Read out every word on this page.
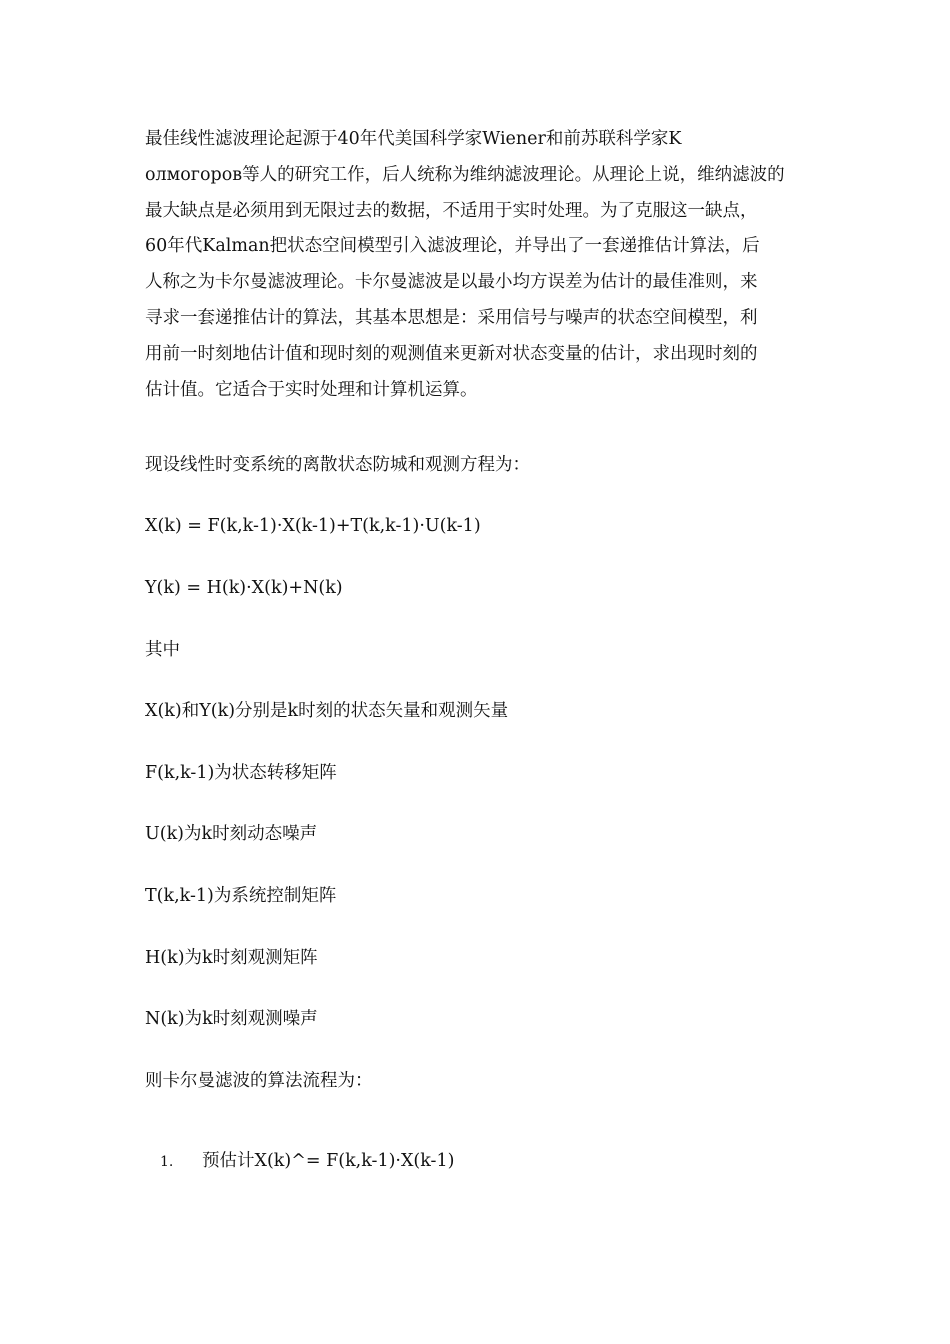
最佳线性滤波理论起源于40年代美国科学家Wiener和前苏联科学家K
олмогоров等人的研究工作，后人统称为维纳滤波理论。从理论上说，维纳滤波的
最大缺点是必须用到无限过去的数据，不适用于实时处理。为了克服这一缺点，
60年代Kalman把状态空间模型引入滤波理论，并导出了一套递推估计算法，后
人称之为卡尔曼滤波理论。卡尔曼滤波是以最小均方误差为估计的最佳准则，来
寻求一套递推估计的算法，其基本思想是：采用信号与噪声的状态空间模型，利
用前一时刻地估计值和现时刻的观测值来更新对状态变量的估计，求出现时刻的
估计值。它适合于实时处理和计算机运算。
现设线性时变系统的离散状态防城和观测方程为：
X(k) = F(k,k-1)·X(k-1)+T(k,k-1)·U(k-1)
Y(k) = H(k)·X(k)+N(k)
其中
X(k)和Y(k)分别是k时刻的状态矢量和观测矢量
F(k,k-1)为状态转移矩阵
U(k)为k时刻动态噪声
T(k,k-1)为系统控制矩阵
H(k)为k时刻观测矩阵
N(k)为k时刻观测噪声
则卡尔曼滤波的算法流程为：
1. 预估计X(k)^= F(k,k-1)·X(k-1)
